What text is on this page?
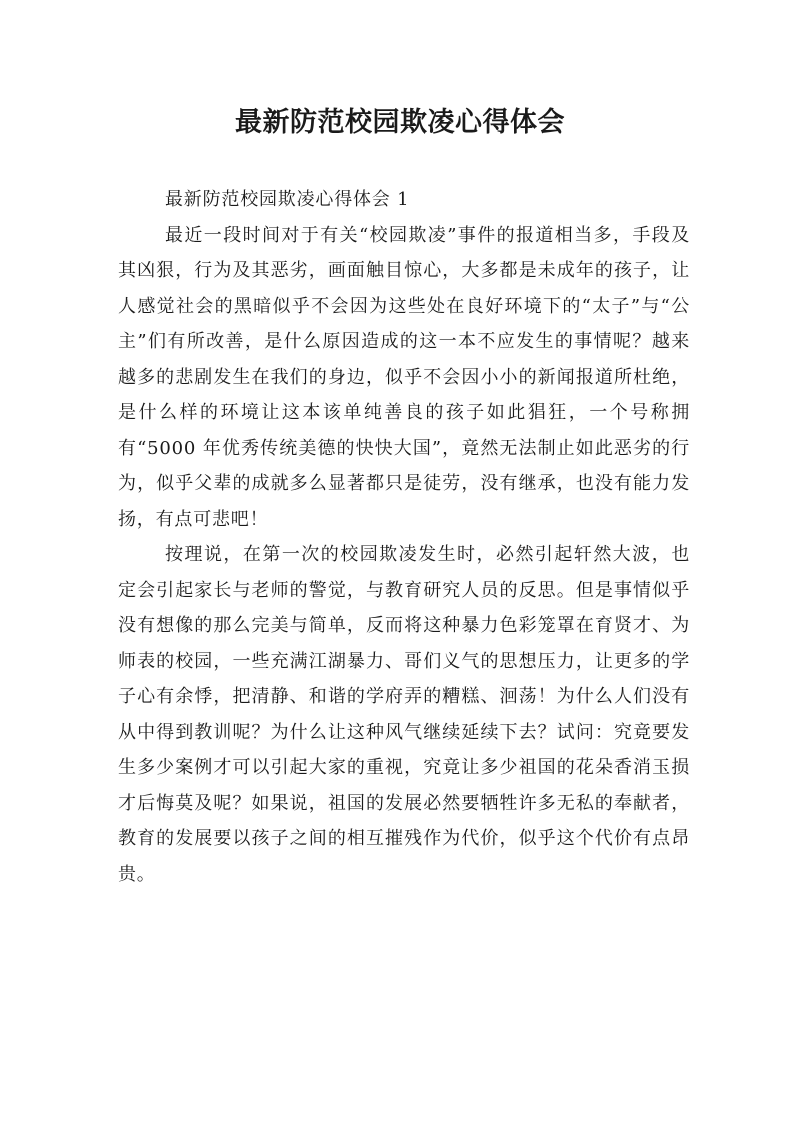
最新防范校园欺凌心得体会

最新防范校园欺凌心得体会 1

最近一段时间对于有关“校园欺凌”事件的报道相当多，手段及其凶狠，行为及其恶劣，画面触目惊心，大多都是未成年的孩子，让人感觉社会的黑暗似乎不会因为这些处在良好环境下的“太子”与“公主”们有所改善，是什么原因造成的这一本不应发生的事情呢？越来越多的悲剧发生在我们的身边，似乎不会因小小的新闻报道所杜绝，是什么样的环境让这本该单纯善良的孩子如此猖狂，一个号称拥有“5000 年优秀传统美德的快快大国”，竟然无法制止如此恶劣的行为，似乎父辈的成就多么显著都只是徒劳，没有继承，也没有能力发扬，有点可悲吧！

按理说，在第一次的校园欺凌发生时，必然引起轩然大波，也定会引起家长与老师的警觉，与教育研究人员的反思。但是事情似乎没有想像的那么完美与简单，反而将这种暴力色彩笼罩在育贤才、为师表的校园，一些充满江湖暴力、哥们义气的思想压力，让更多的学子心有余悸，把清静、和谐的学府弄的糟糕、洄荡！为什么人们没有从中得到教训呢？为什么让这种风气继续延续下去？试问：究竟要发生多少案例才可以引起大家的重视，究竟让多少祖国的花朵香消玉损才后悔莫及呢？如果说，祖国的发展必然要牺牲许多无私的奉献者，教育的发展要以孩子之间的相互摧残作为代价，似乎这个代价有点昂贵。
